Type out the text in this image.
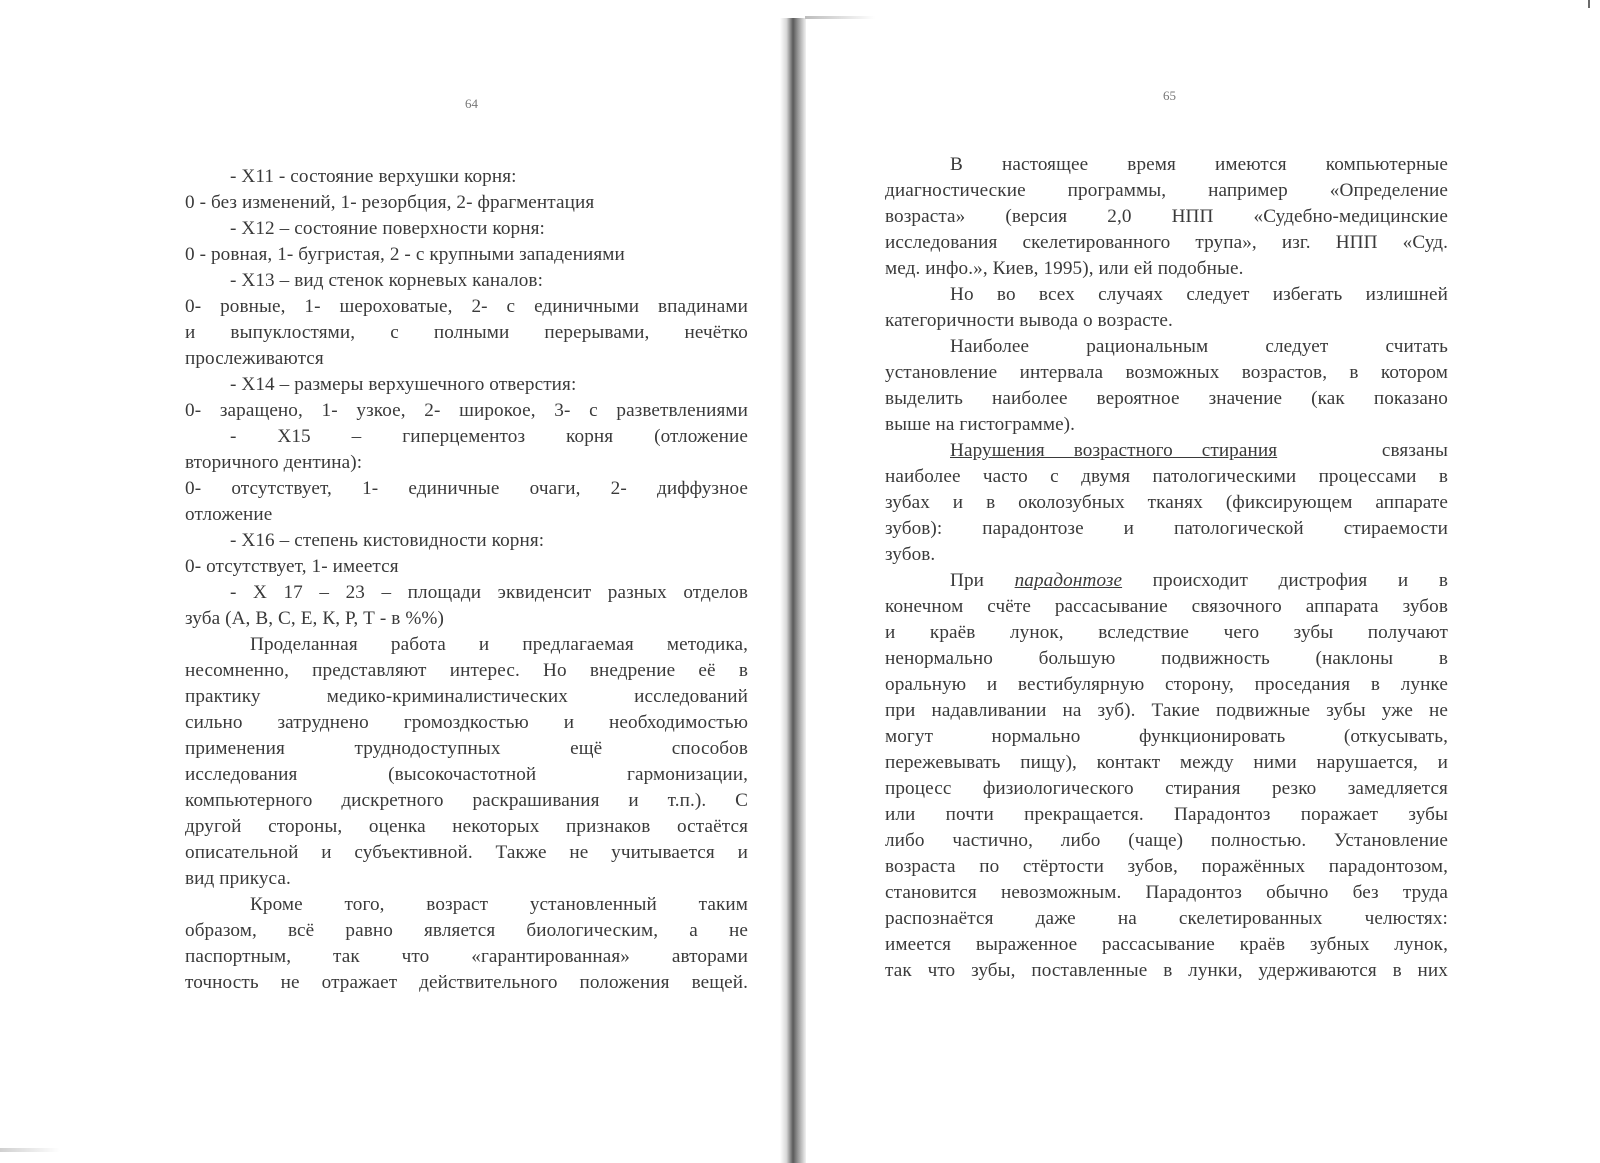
64

- X11 - состояние верхушки корня:

0 - без изменений, 1- резорбция, 2- фрагментация

- X12 – состояние поверхности корня:

0 - ровная, 1- бугристая, 2 - с крупными западениями

- X13 – вид стенок корневых каналов:

0- ровные, 1- шероховатые, 2- с единичными впадинами

и выпуклостями, с полными перерывами, нечётко

прослеживаются

- X14 – размеры верхушечного отверстия:

0- заращено, 1- узкое, 2- широкое, 3- с разветвлениями

- X15 – гиперцементоз корня (отложение

вторичного дентина):

0- отсутствует, 1- единичные очаги, 2- диффузное

отложение

- X16 – степень кистовидности корня:

0- отсутствует, 1- имеется

- X 17 – 23 – площади эквиденсит разных отделов

зуба (А, В, С, Е, К, Р, Т - в %%)

Проделанная работа и предлагаемая методика,

несомненно, представляют интерес. Но внедрение её в

практику медико-криминалистических исследований

сильно затруднено громоздкостью и необходимостью

применения труднодоступных ещё способов

исследования (высокочастотной гармонизации,

компьютерного дискретного раскрашивания и т.п.). С

другой стороны, оценка некоторых признаков остаётся

описательной и субъективной. Также не учитывается и

вид прикуса.

Кроме того, возраст установленный таким

образом, всё равно является биологическим, а не

паспортным, так что «гарантированная» авторами

точность не отражает действительного положения вещей.

65

В настоящее время имеются компьютерные

диагностические программы, например «Определение

возраста» (версия 2,0 НПП «Судебно-медицинские

исследования скелетированного трупа», изг. НПП «Суд.

мед. инфо.», Киев, 1995), или ей подобные.

Но во всех случаях следует избегать излишней

категоричности вывода о возрасте.

Наиболее рациональным следует считать

установление интервала возможных возрастов, в котором

выделить наиболее вероятное значение (как показано

выше на гистограмме).

Нарушения возрастного стирания	связаны

наиболее часто с двумя патологическими процессами в

зубах и в околозубных тканях (фиксирующем аппарате

зубов): парадонтозе и патологической стираемости

зубов.

При парадонтозе происходит дистрофия и в

конечном счёте рассасывание связочного аппарата зубов

и краёв лунок, вследствие чего зубы получают

ненормально большую подвижность (наклоны в

оральную и вестибулярную сторону, проседания в лунке

при надавливании на зуб). Такие подвижные зубы уже не

могут нормально функционировать (откусывать,

пережевывать пищу), контакт между ними нарушается, и

процесс физиологического стирания резко замедляется

или почти прекращается. Парадонтоз поражает зубы

либо частично, либо (чаще) полностью. Установление

возраста по стёртости зубов, поражённых парадонтозом,

становится невозможным. Парадонтоз обычно без труда

распознаётся даже на скелетированных челюстях:

имеется выраженное рассасывание краёв зубных лунок,

так что зубы, поставленные в лунки, удерживаются в них
